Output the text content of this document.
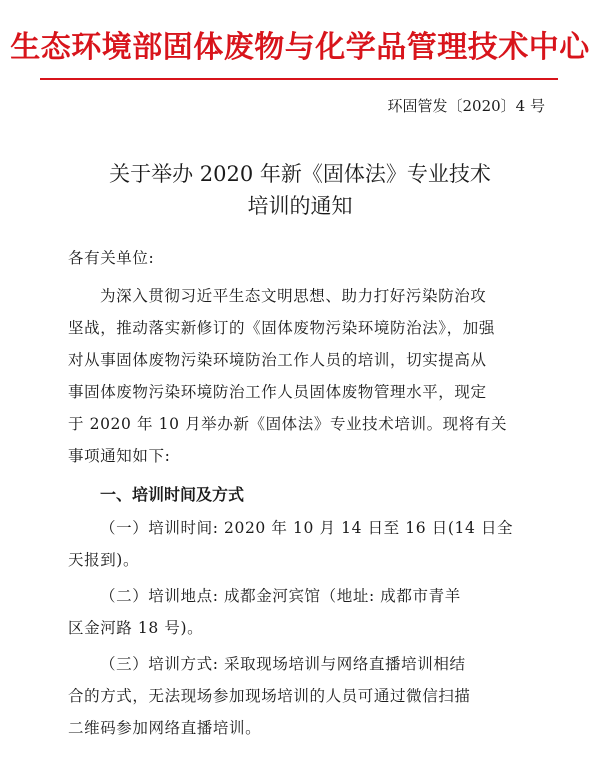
生态环境部固体废物与化学品管理技术中心
环固管发〔2020〕4 号
关于举办 2020 年新《固体法》专业技术
培训的通知
各有关单位:
为深入贯彻习近平生态文明思想、助力打好污染防治攻
坚战，推动落实新修订的《固体废物污染环境防治法》，加强
对从事固体废物污染环境防治工作人员的培训，切实提高从
事固体废物污染环境防治工作人员固体废物管理水平，现定
于 2020 年 10 月举办新《固体法》专业技术培训。现将有关
事项通知如下:
一、培训时间及方式
（一）培训时间: 2020 年 10 月 14 日至 16 日(14 日全
天报到)。
（二）培训地点: 成都金河宾馆（地址: 成都市青羊
区金河路 18 号)。
（三）培训方式: 采取现场培训与网络直播培训相结
合的方式，无法现场参加现场培训的人员可通过微信扫描
二维码参加网络直播培训。
